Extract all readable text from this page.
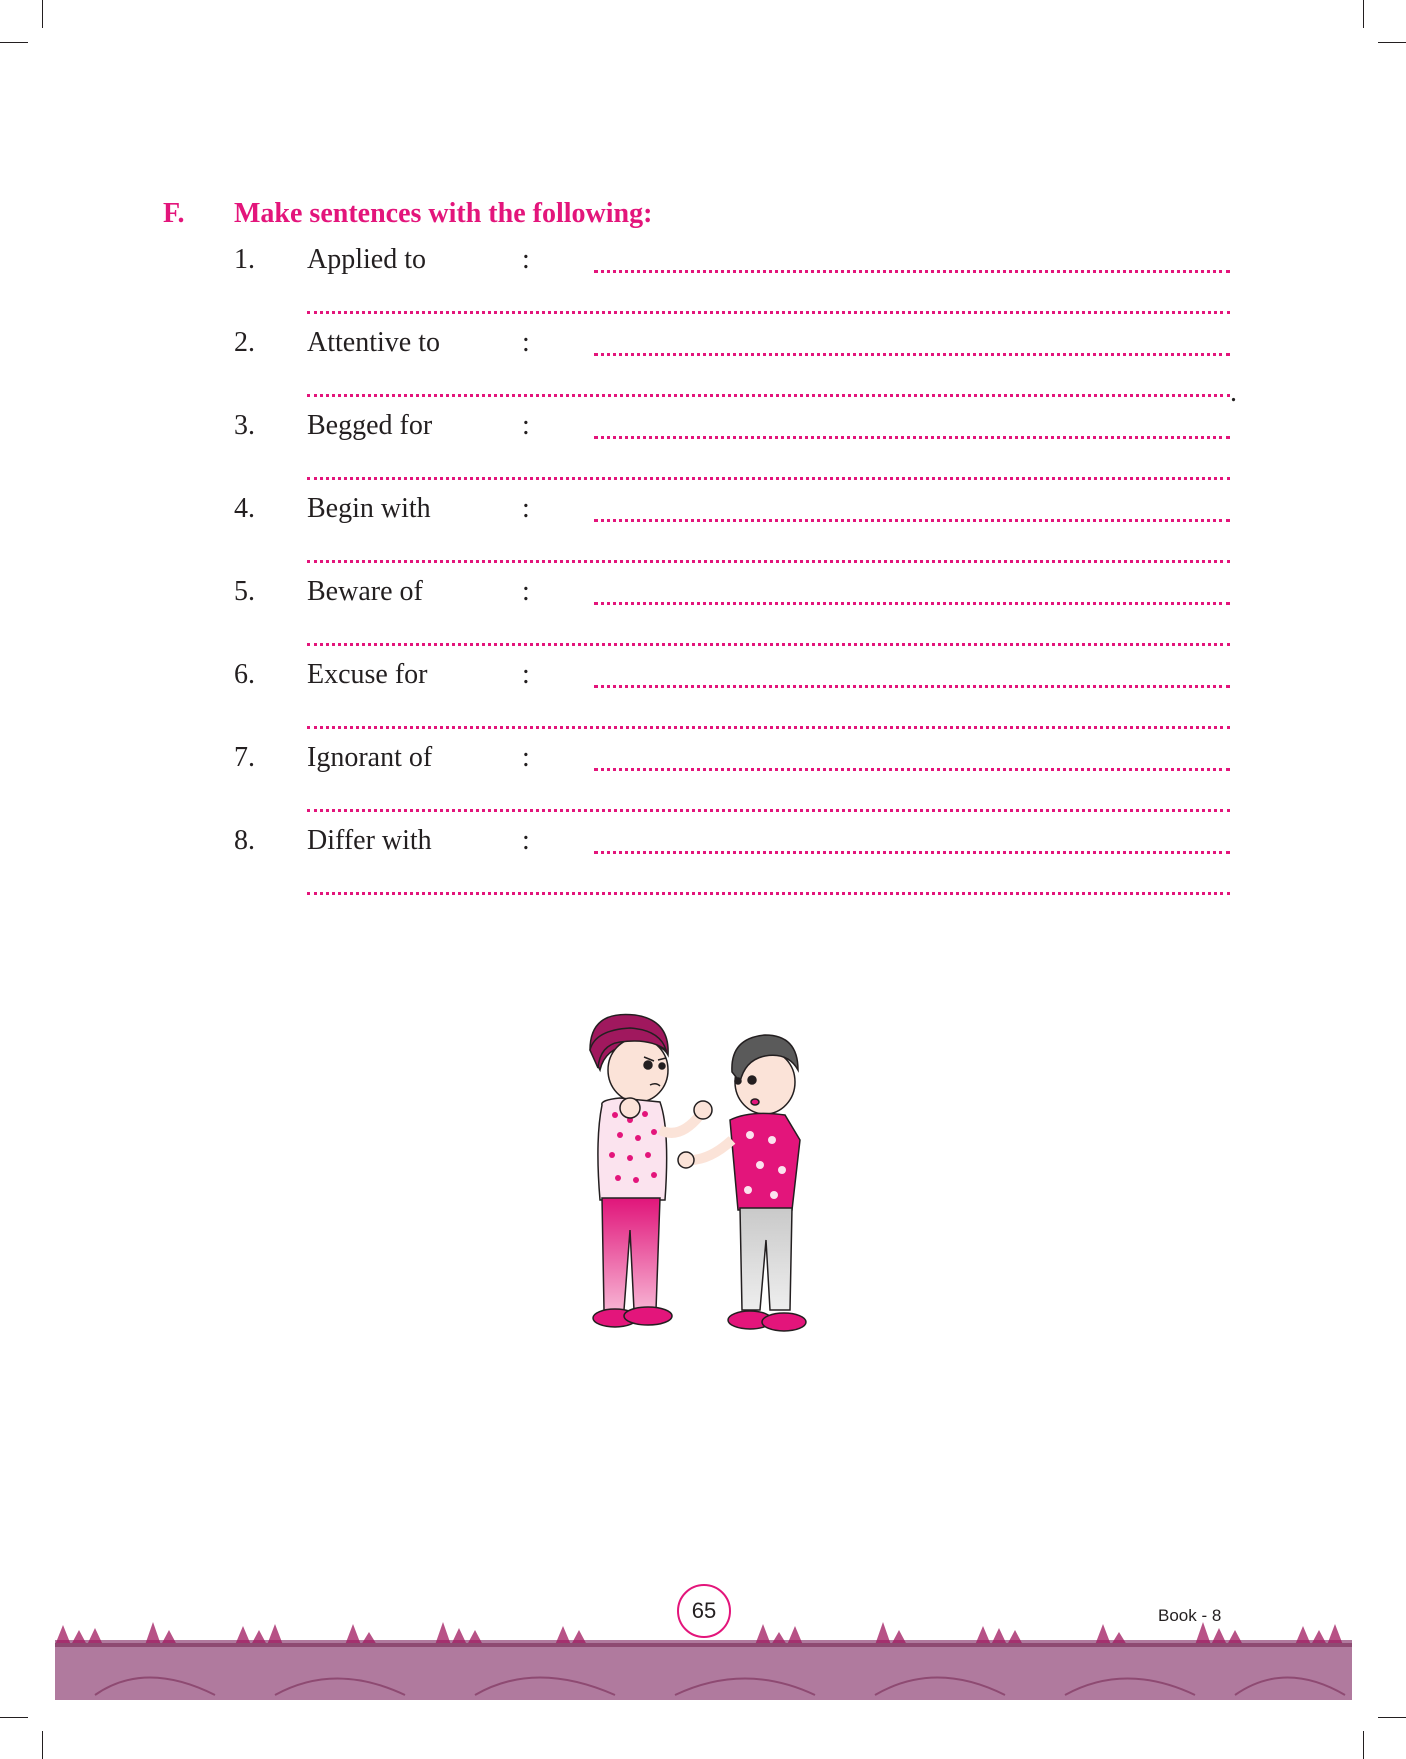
F. Make sentences with the following:
1. Applied to	:
2. Attentive to	:
.
3. Begged for	:
4. Begin with	:
5. Beware of	:
6. Excuse for	:
7. Ignorant of	:
8. Differ with	:
65	Book - 8
